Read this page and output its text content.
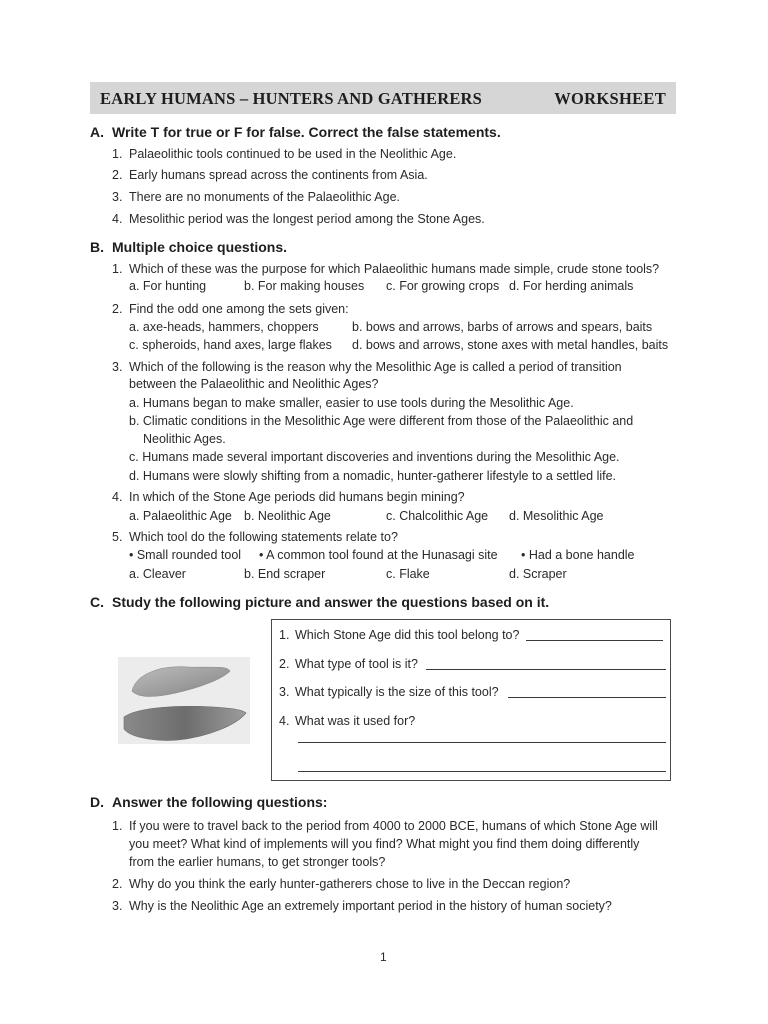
EARLY HUMANS – HUNTERS AND GATHERERS	WORKSHEET
A. Write T for true or F for false. Correct the false statements.
1. Palaeolithic tools continued to be used in the Neolithic Age.
2. Early humans spread across the continents from Asia.
3. There are no monuments of the Palaeolithic Age.
4. Mesolithic period was the longest period among the Stone Ages.
B. Multiple choice questions.
1. Which of these was the purpose for which Palaeolithic humans made simple, crude stone tools?
a. For hunting	b. For making houses c. For growing crops d. For herding animals
2. Find the odd one among the sets given:
a. axe-heads, hammers, choppers	b. bows and arrows, barbs of arrows and spears, baits
c. spheroids, hand axes, large flakes d. bows and arrows, stone axes with metal handles, baits
3. Which of the following is the reason why the Mesolithic Age is called a period of transition
between the Palaeolithic and Neolithic Ages?
a. Humans began to make smaller, easier to use tools during the Mesolithic Age.
b. Climatic conditions in the Mesolithic Age were different from those of the Palaeolithic and
Neolithic Ages.
c. Humans made several important discoveries and inventions during the Mesolithic Age.
d. Humans were slowly shifting from a nomadic, hunter-gatherer lifestyle to a settled life.
4. In which of the Stone Age periods did humans begin mining?
a. Palaeolithic Age b. Neolithic Age	c. Chalcolithic Age d. Mesolithic Age
5. Which tool do the following statements relate to?
• Small rounded tool • A common tool found at the Hunasagi site • Had a bone handle
a. Cleaver	b. End scraper	c. Flake	d. Scraper
C. Study the following picture and answer the questions based on it.
1. Which Stone Age did this tool belong to?
2. What type of tool is it?
3. What typically is the size of this tool?
4. What was it used for?
D. Answer the following questions:
1. If you were to travel back to the period from 4000 to 2000 BCE, humans of which Stone Age will
you meet? What kind of implements will you find? What might you find them doing differently
from the earlier humans, to get stronger tools?
2. Why do you think the early hunter-gatherers chose to live in the Deccan region?
3. Why is the Neolithic Age an extremely important period in the history of human society?
1
